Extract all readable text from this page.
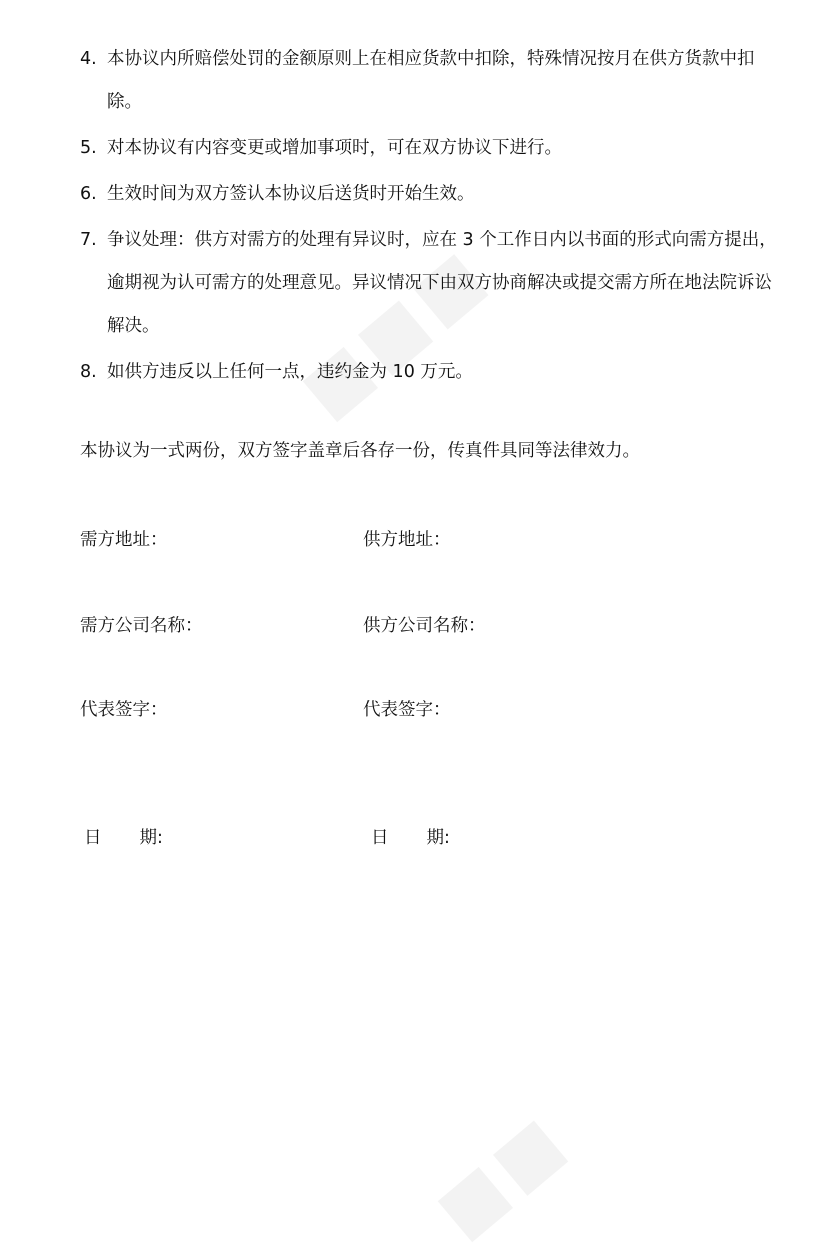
4. 本协议内所赔偿处罚的金额原则上在相应货款中扣除，特殊情况按月在供方货款中扣除。
5. 对本协议有内容变更或增加事项时，可在双方协议下进行。
6. 生效时间为双方签认本协议后送货时开始生效。
7. 争议处理：供方对需方的处理有异议时，应在 3 个工作日内以书面的形式向需方提出，逾期视为认可需方的处理意见。异议情况下由双方协商解决或提交需方所在地法院诉讼解决。
8. 如供方违反以上任何一点，违约金为 10 万元。

本协议为一式两份，双方签字盖章后各存一份，传真件具同等法律效力。

需方地址：	供方地址：

需方公司名称：	供方公司名称：

代表签字：	代表签字：

日 期:	日 期:
